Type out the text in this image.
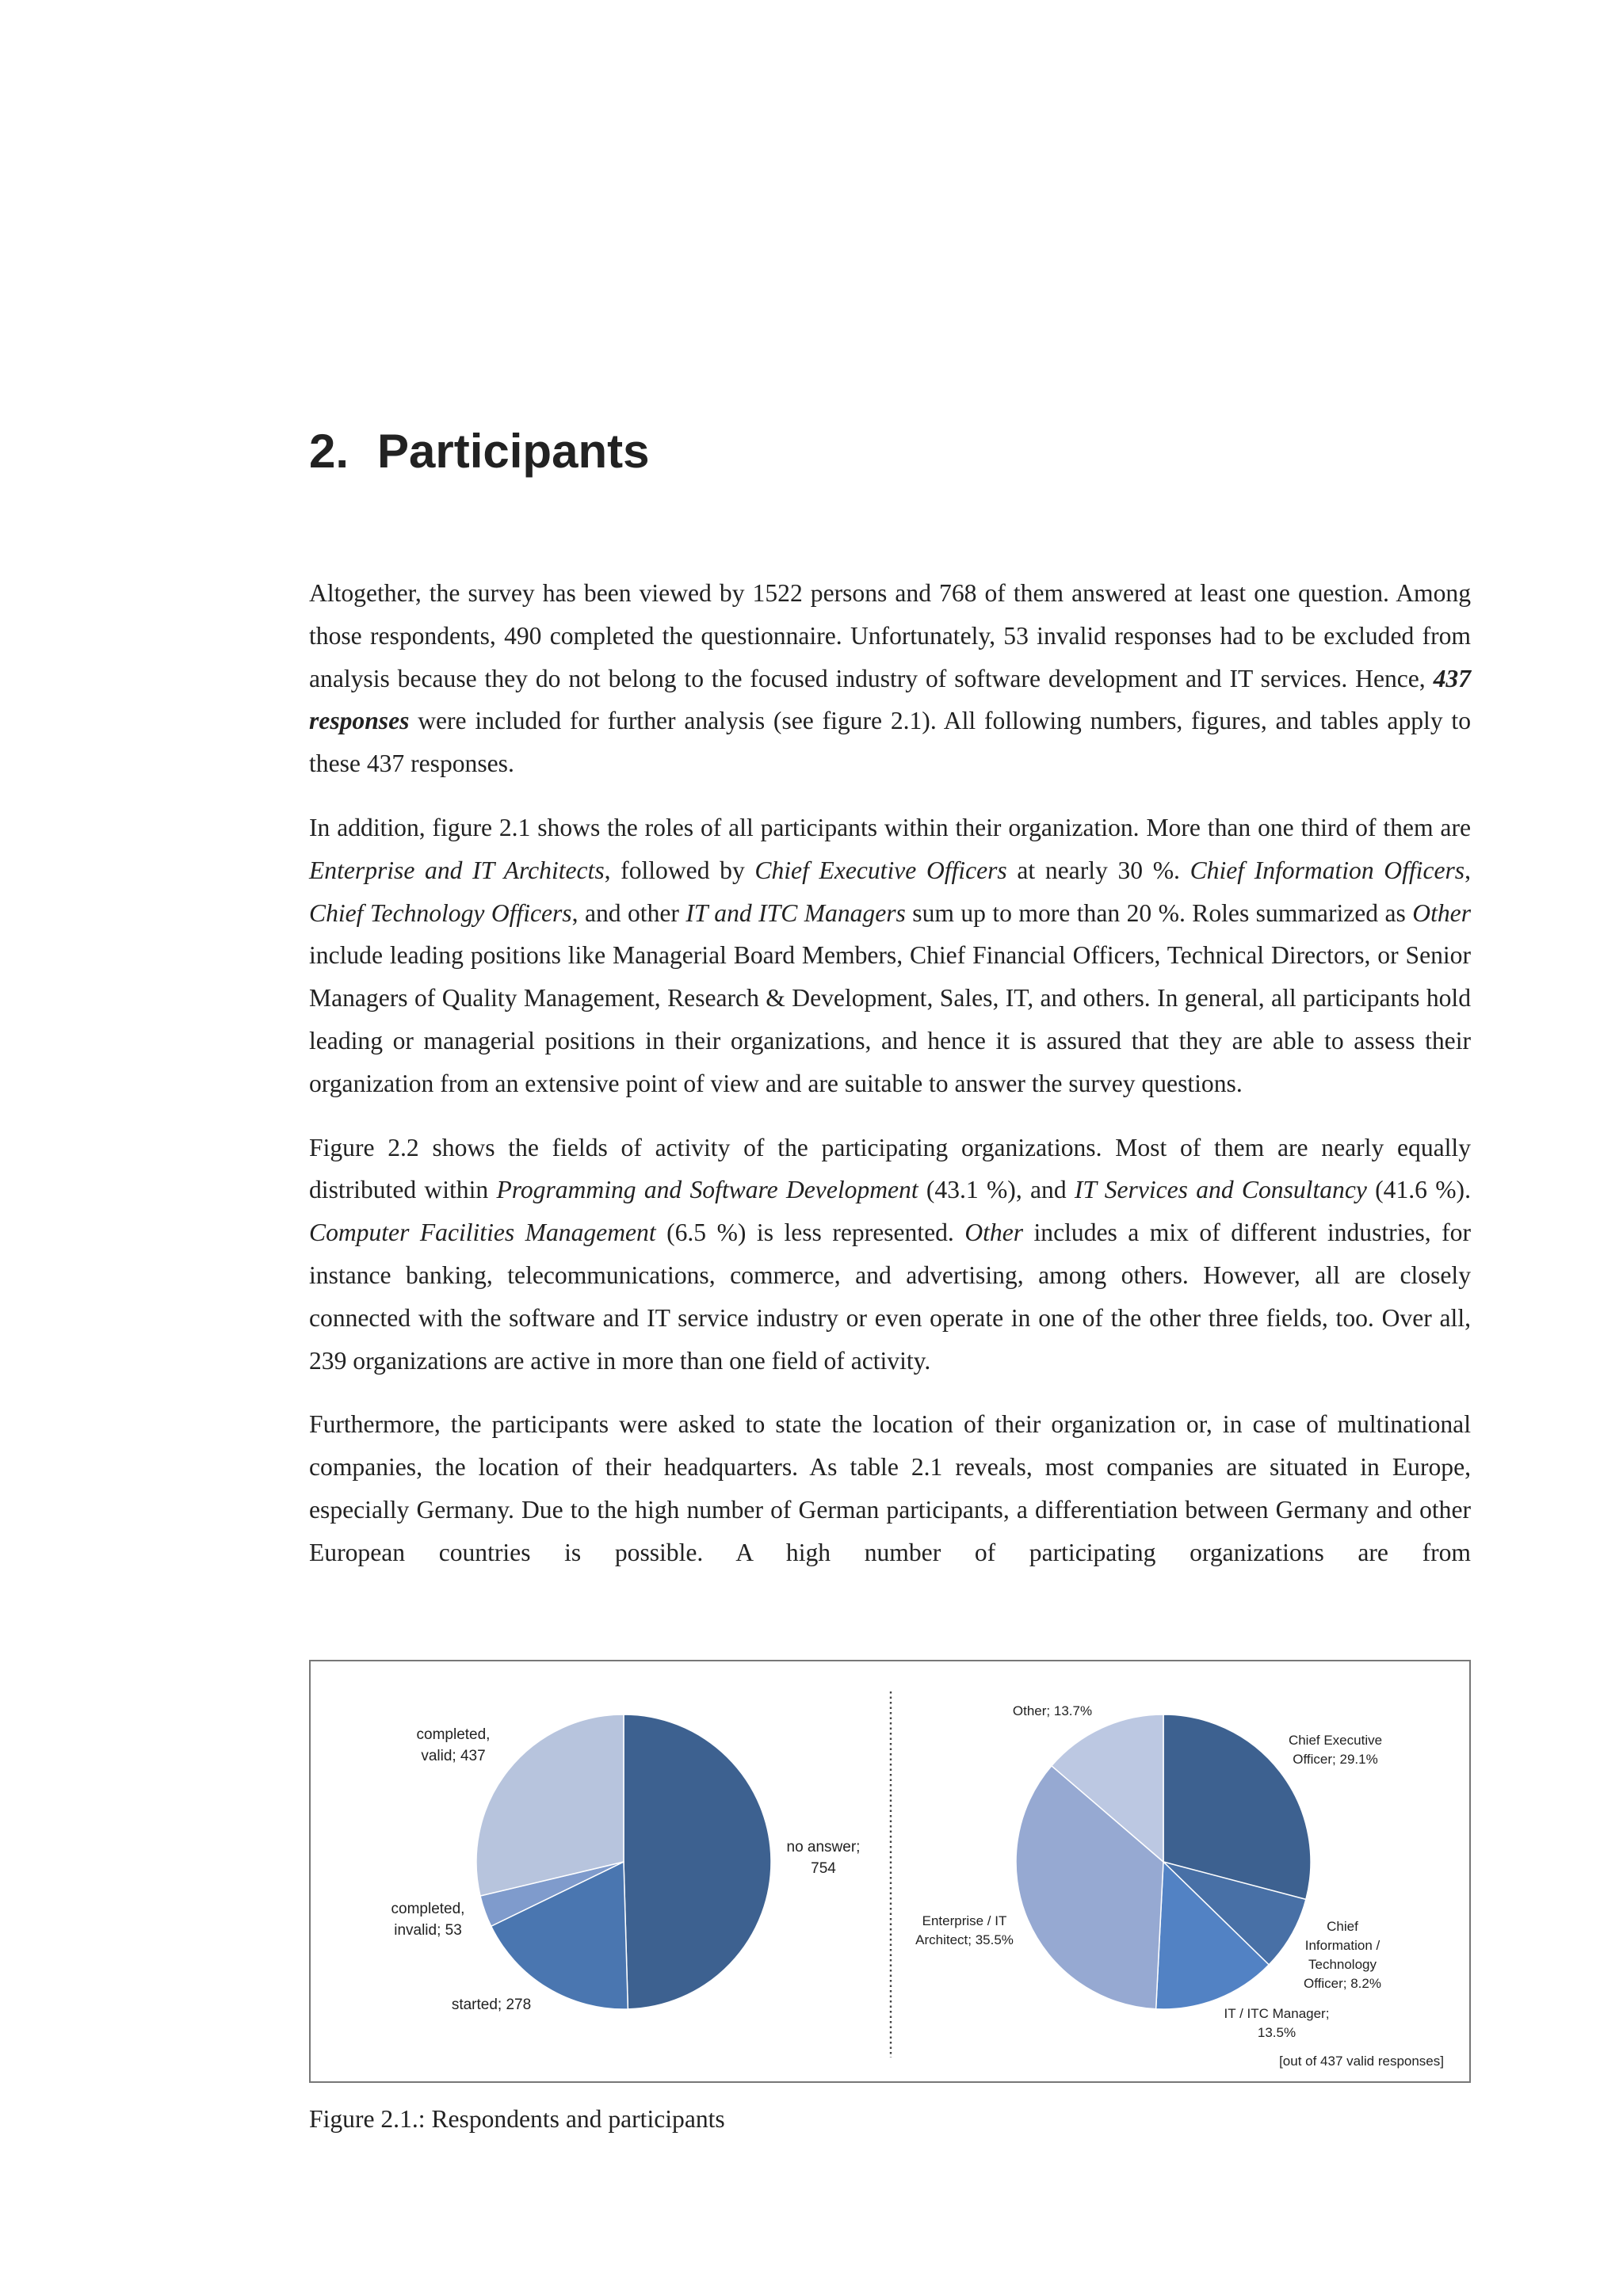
2. Participants

Altogether, the survey has been viewed by 1522 persons and 768 of them answered at least one question. Among those respondents, 490 completed the questionnaire. Unfortunately, 53 invalid responses had to be excluded from analysis because they do not belong to the focused industry of software development and IT services. Hence, 437 responses were included for further analysis (see figure 2.1). All following numbers, figures, and tables apply to these 437 responses.

In addition, figure 2.1 shows the roles of all participants within their organization. More than one third of them are Enterprise and IT Architects, followed by Chief Executive Officers at nearly 30 %. Chief Information Officers, Chief Technology Officers, and other IT and ITC Managers sum up to more than 20 %. Roles summarized as Other include leading positions like Managerial Board Members, Chief Financial Officers, Technical Directors, or Senior Managers of Quality Management, Research & Development, Sales, IT, and others. In general, all participants hold leading or managerial positions in their organizations, and hence it is assured that they are able to assess their organization from an extensive point of view and are suitable to answer the survey questions.

Figure 2.2 shows the fields of activity of the participating organizations. Most of them are nearly equally distributed within Programming and Software Development (43.1 %), and IT Services and Consultancy (41.6 %). Computer Facilities Management (6.5 %) is less represented. Other includes a mix of different industries, for instance banking, telecommunications, commerce, and advertising, among others. However, all are closely connected with the software and IT service industry or even operate in one of the other three fields, too. Over all, 239 organizations are active in more than one field of activity.

Furthermore, the participants were asked to state the location of their organization or, in case of multinational companies, the location of their headquarters. As table 2.1 reveals, most companies are situated in Europe, especially Germany. Due to the high number of German participants, a differentiation between Germany and other European countries is possible. A high number of participating organizations are from

completed, valid; 437
no answer; 754
completed, invalid; 53
started; 278
Other; 13.7%
Chief Executive Officer; 29.1%
Chief Information / Technology Officer; 8.2%
IT / ITC Manager; 13.5%
Enterprise / IT Architect; 35.5%
[out of 437 valid responses]

Figure 2.1.: Respondents and participants
